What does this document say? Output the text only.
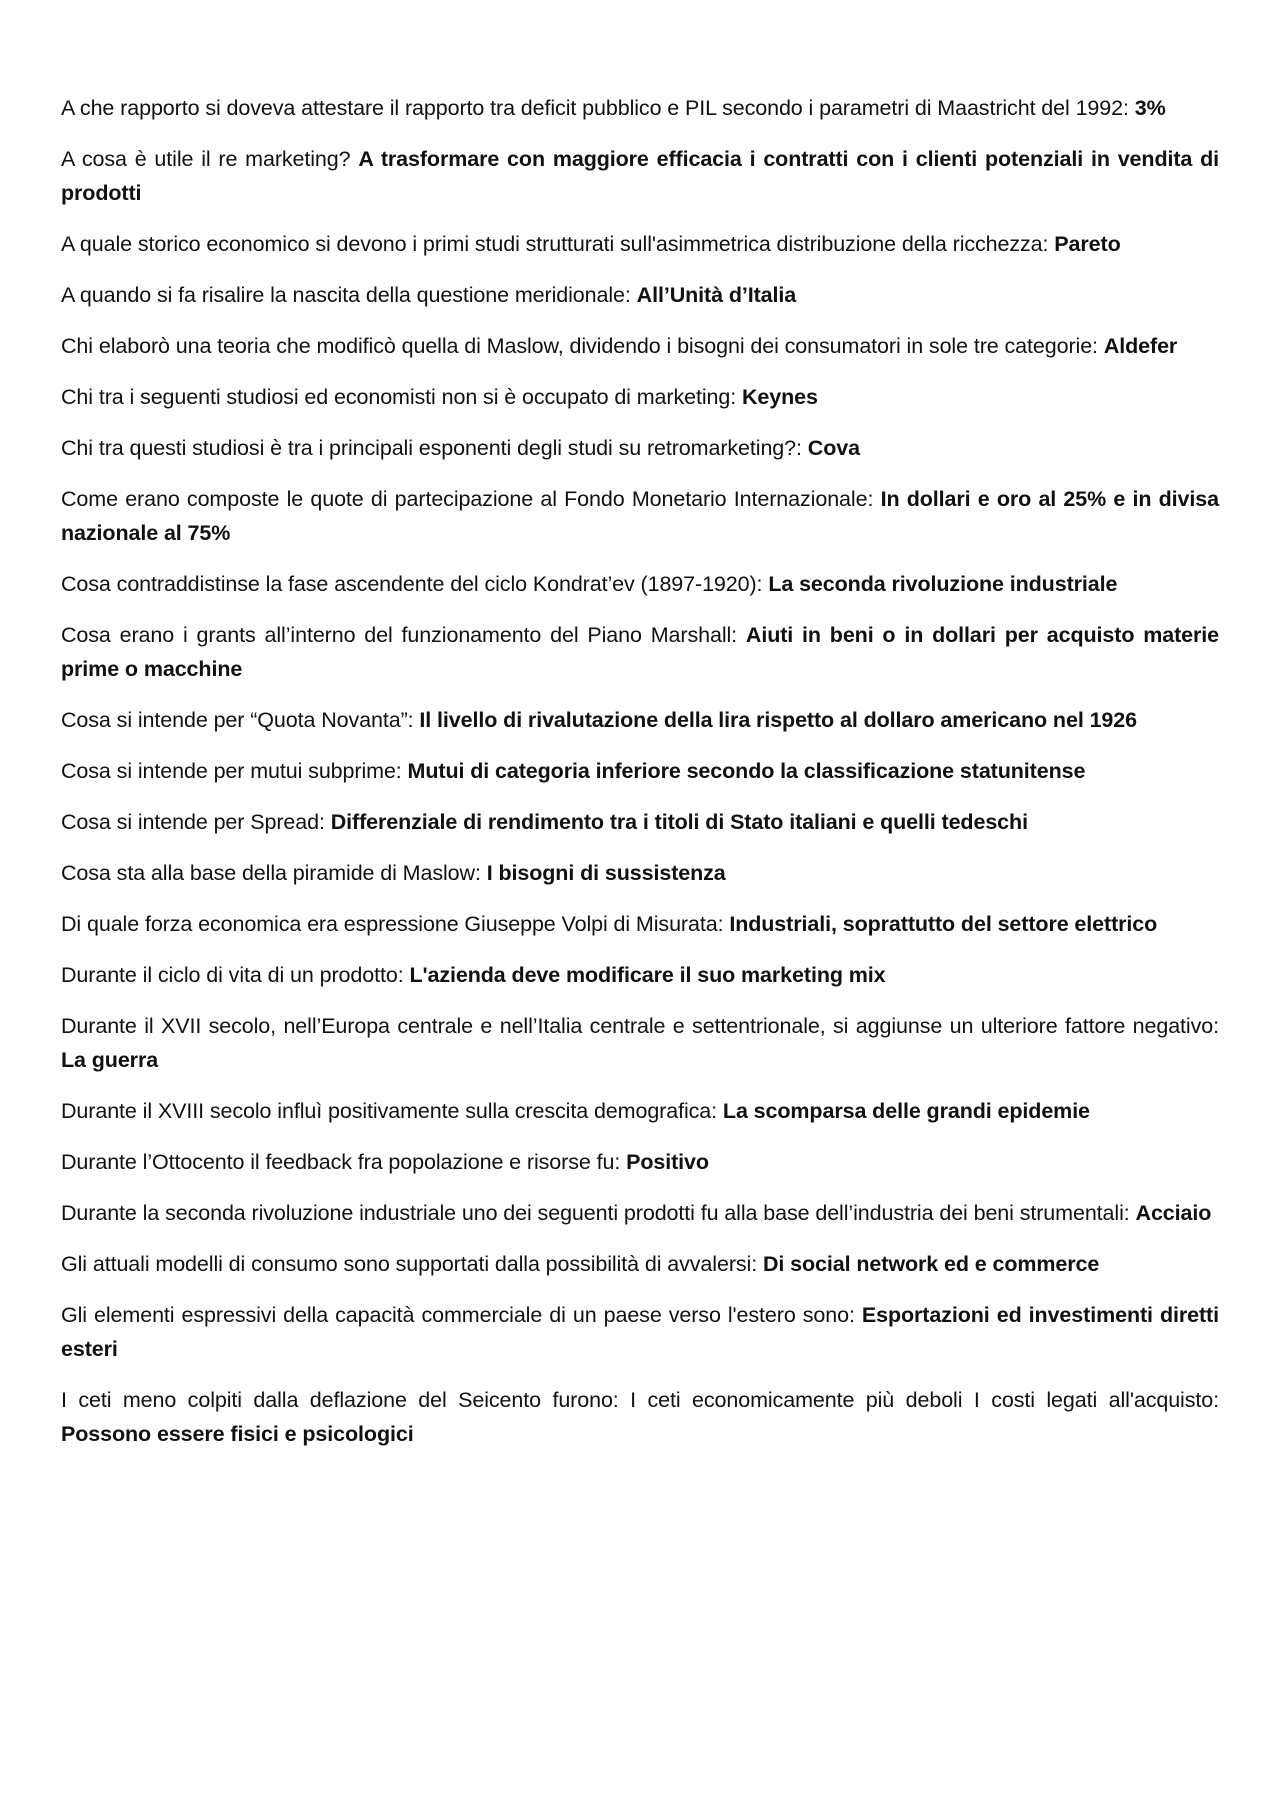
A che rapporto si doveva attestare il rapporto tra deficit pubblico e PIL secondo i parametri di Maastricht del 1992: 3%

A cosa è utile il re marketing? A trasformare con maggiore efficacia i contratti con i clienti potenziali in vendita di prodotti

A quale storico economico si devono i primi studi strutturati sull'asimmetrica distribuzione della ricchezza: Pareto

A quando si fa risalire la nascita della questione meridionale: All’Unità d’Italia

Chi elaborò una teoria che modificò quella di Maslow, dividendo i bisogni dei consumatori in sole tre categorie: Aldefer

Chi tra i seguenti studiosi ed economisti non si è occupato di marketing: Keynes

Chi tra questi studiosi è tra i principali esponenti degli studi su retromarketing?: Cova

Come erano composte le quote di partecipazione al Fondo Monetario Internazionale: In dollari e oro al 25% e in divisa nazionale al 75%

Cosa contraddistinse la fase ascendente del ciclo Kondrat’ev (1897-1920): La seconda rivoluzione industriale

Cosa erano i grants all’interno del funzionamento del Piano Marshall: Aiuti in beni o in dollari per acquisto materie prime o macchine

Cosa si intende per “Quota Novanta”: Il livello di rivalutazione della lira rispetto al dollaro americano nel 1926

Cosa si intende per mutui subprime: Mutui di categoria inferiore secondo la classificazione statunitense

Cosa si intende per Spread: Differenziale di rendimento tra i titoli di Stato italiani e quelli tedeschi

Cosa sta alla base della piramide di Maslow: I bisogni di sussistenza

Di quale forza economica era espressione Giuseppe Volpi di Misurata: Industriali, soprattutto del settore elettrico

Durante il ciclo di vita di un prodotto: L'azienda deve modificare il suo marketing mix

Durante il XVII secolo, nell’Europa centrale e nell’Italia centrale e settentrionale, si aggiunse un ulteriore fattore negativo: La guerra

Durante il XVIII secolo influì positivamente sulla crescita demografica: La scomparsa delle grandi epidemie

Durante l’Ottocento il feedback fra popolazione e risorse fu: Positivo

Durante la seconda rivoluzione industriale uno dei seguenti prodotti fu alla base dell’industria dei beni strumentali: Acciaio

Gli attuali modelli di consumo sono supportati dalla possibilità di avvalersi: Di social network ed e commerce

Gli elementi espressivi della capacità commerciale di un paese verso l'estero sono: Esportazioni ed investimenti diretti esteri

I ceti meno colpiti dalla deflazione del Seicento furono: I ceti economicamente più deboli I costi legati all'acquisto: Possono essere fisici e psicologici
